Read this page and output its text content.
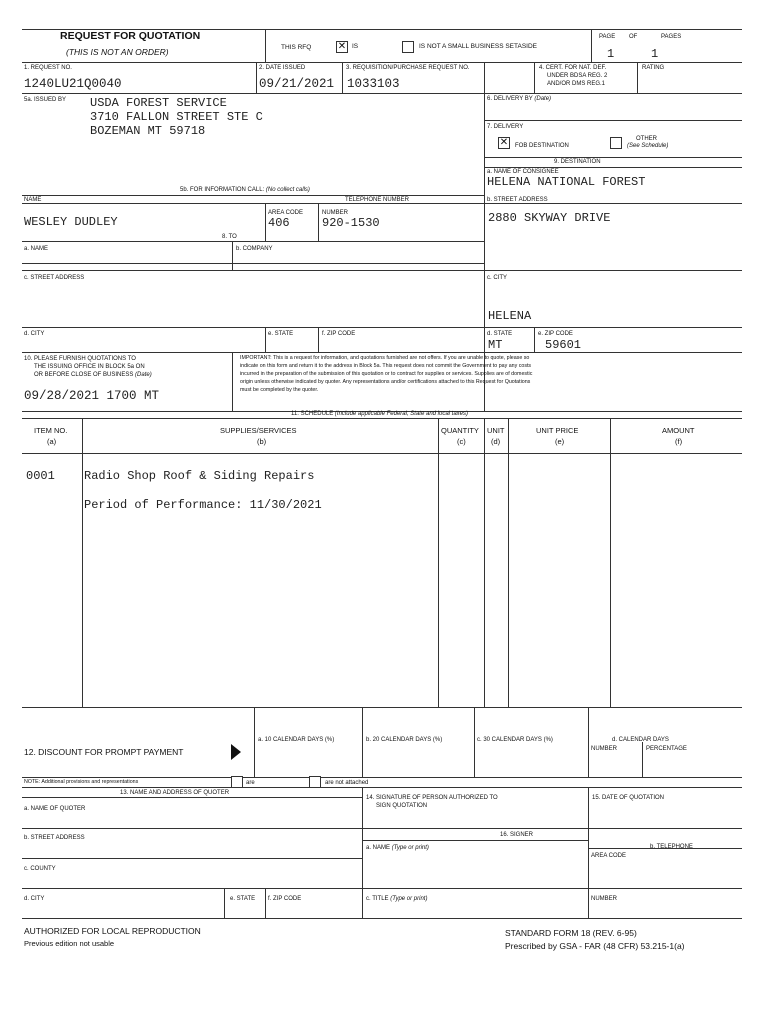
REQUEST FOR QUOTATION
(THIS IS NOT AN ORDER)	THIS RFQ	✕ IS	IS NOT A SMALL BUSINESS SETASIDE
PAGE OF	PAGES
1	1
1. REQUEST NO.
1240LU21Q0040
2. DATE ISSUED
09/21/2021
3. REQUISITION/PURCHASE REQUEST NO.
1033103
4. CERT. FOR NAT. DEF.
UNDER BDSA REG. 2
AND/OR DMS REG.1
RATING
5a. ISSUED BY USDA FOREST SERVICE
3710 FALLON STREET STE C
BOZEMAN MT 59718
6. DELIVERY BY (Date)
7. DELIVERY
✕	FOB DESTINATION
OTHER
(See Schedule)
9. DESTINATION
a. NAME OF CONSIGNEE
HELENA NATIONAL FOREST
5b. FOR INFORMATION CALL: (No collect calls)
NAME	TELEPHONE NUMBER
WESLEY DUDLEY
AREA CODE
406
NUMBER
920-1530
b. STREET ADDRESS
2880 SKYWAY DRIVE
8. TO
a. NAME	b. COMPANY
c. STREET ADDRESS	c. CITY
HELENA
d. CITY	e. STATE	f. ZIP CODE	d. STATE
MT
e. ZIP CODE
59601
10. PLEASE FURNISH QUOTATIONS TO
THE ISSUING OFFICE IN BLOCK 5a ON
OR BEFORE CLOSE OF BUSINESS (Date)
09/28/2021 1700 MT
IMPORTANT: This is a request for information, and quotations furnished are not offers. If you are unable to quote, please so
indicate on this form and return it to the address in Block 5a. This request does not commit the Government to pay any costs
incurred in the preparation of the submission of this quotation or to contract for supplies or services. Supplies are of domestic
origin unless otherwise indicated by quoter. Any representations and/or certifications attached to this Request for Quotations
must be completed by the quoter.
11. SCHEDULE (Include applicable Federal, State and local taxes)
ITEM NO.
(a)
SUPPLIES/SERVICES
(b)
QUANTITY
(c)
UNIT
(d)
UNIT PRICE
(e)
AMOUNT
(f)
0001 Radio Shop Roof & Siding Repairs
Period of Performance: 11/30/2021
12. DISCOUNT FOR PROMPT PAYMENT
a. 10 CALENDAR DAYS (%)	b. 20 CALENDAR DAYS (%)	c. 30 CALENDAR DAYS (%)	d. CALENDAR DAYS
NUMBER	PERCENTAGE
NOTE: Additional provisions and representations	are	are not attached
13. NAME AND ADDRESS OF QUOTER
a. NAME OF QUOTER
14. SIGNATURE OF PERSON AUTHORIZED TO
SIGN QUOTATION
15. DATE OF QUOTATION
b. STREET ADDRESS	16. SIGNER
a. NAME (Type or print)	b. TELEPHONE
AREA CODE
c. COUNTY
d. CITY	e. STATE f. ZIP CODE	c. TITLE (Type or print)	NUMBER
AUTHORIZED FOR LOCAL REPRODUCTION
Previous edition not usable
STANDARD FORM 18 (REV. 6-95)
Prescribed by GSA - FAR (48 CFR) 53.215-1(a)
